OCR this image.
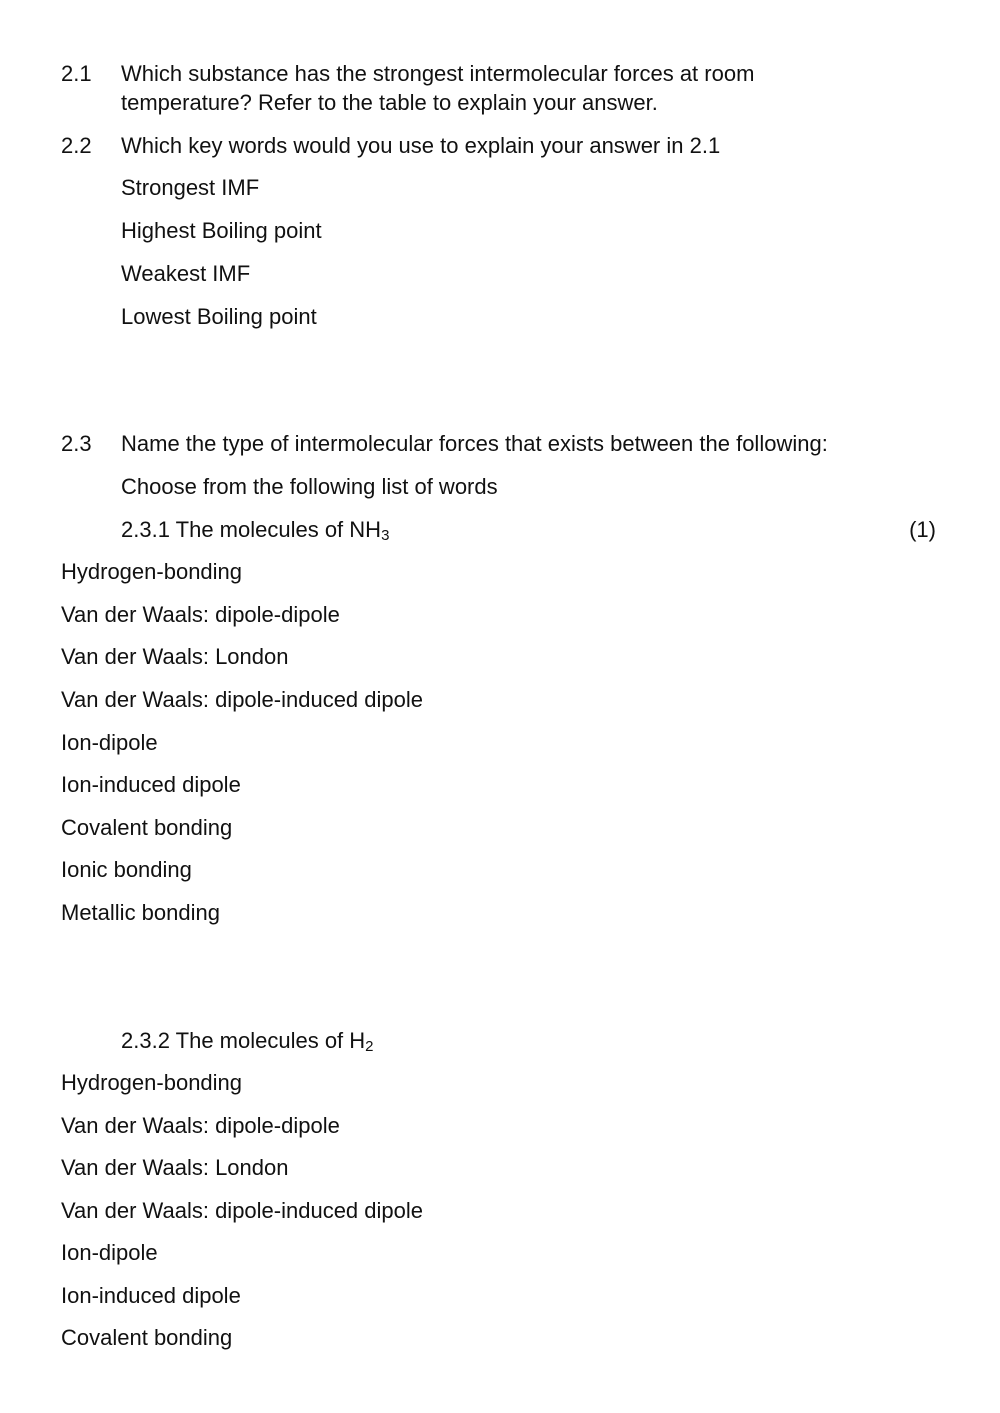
2.1 Which substance has the strongest intermolecular forces at room
temperature? Refer to the table to explain your answer.
2.2 Which key words would you use to explain your answer in 2.1
Strongest IMF
Highest Boiling point
Weakest IMF
Lowest Boiling point
2.3 Name the type of intermolecular forces that exists between the following:
Choose from the following list of words
2.3.1 The molecules of $NH_3$	(1)
Hydrogen-bonding
Van der Waals: dipole-dipole
Van der Waals: London
Van der Waals: dipole-induced dipole
Ion-dipole
Ion-induced dipole
Covalent bonding
Ionic bonding
Metallic bonding
2.3.2 The molecules of $H_2$
Hydrogen-bonding
Van der Waals: dipole-dipole
Van der Waals: London
Van der Waals: dipole-induced dipole
Ion-dipole
Ion-induced dipole
Covalent bonding
